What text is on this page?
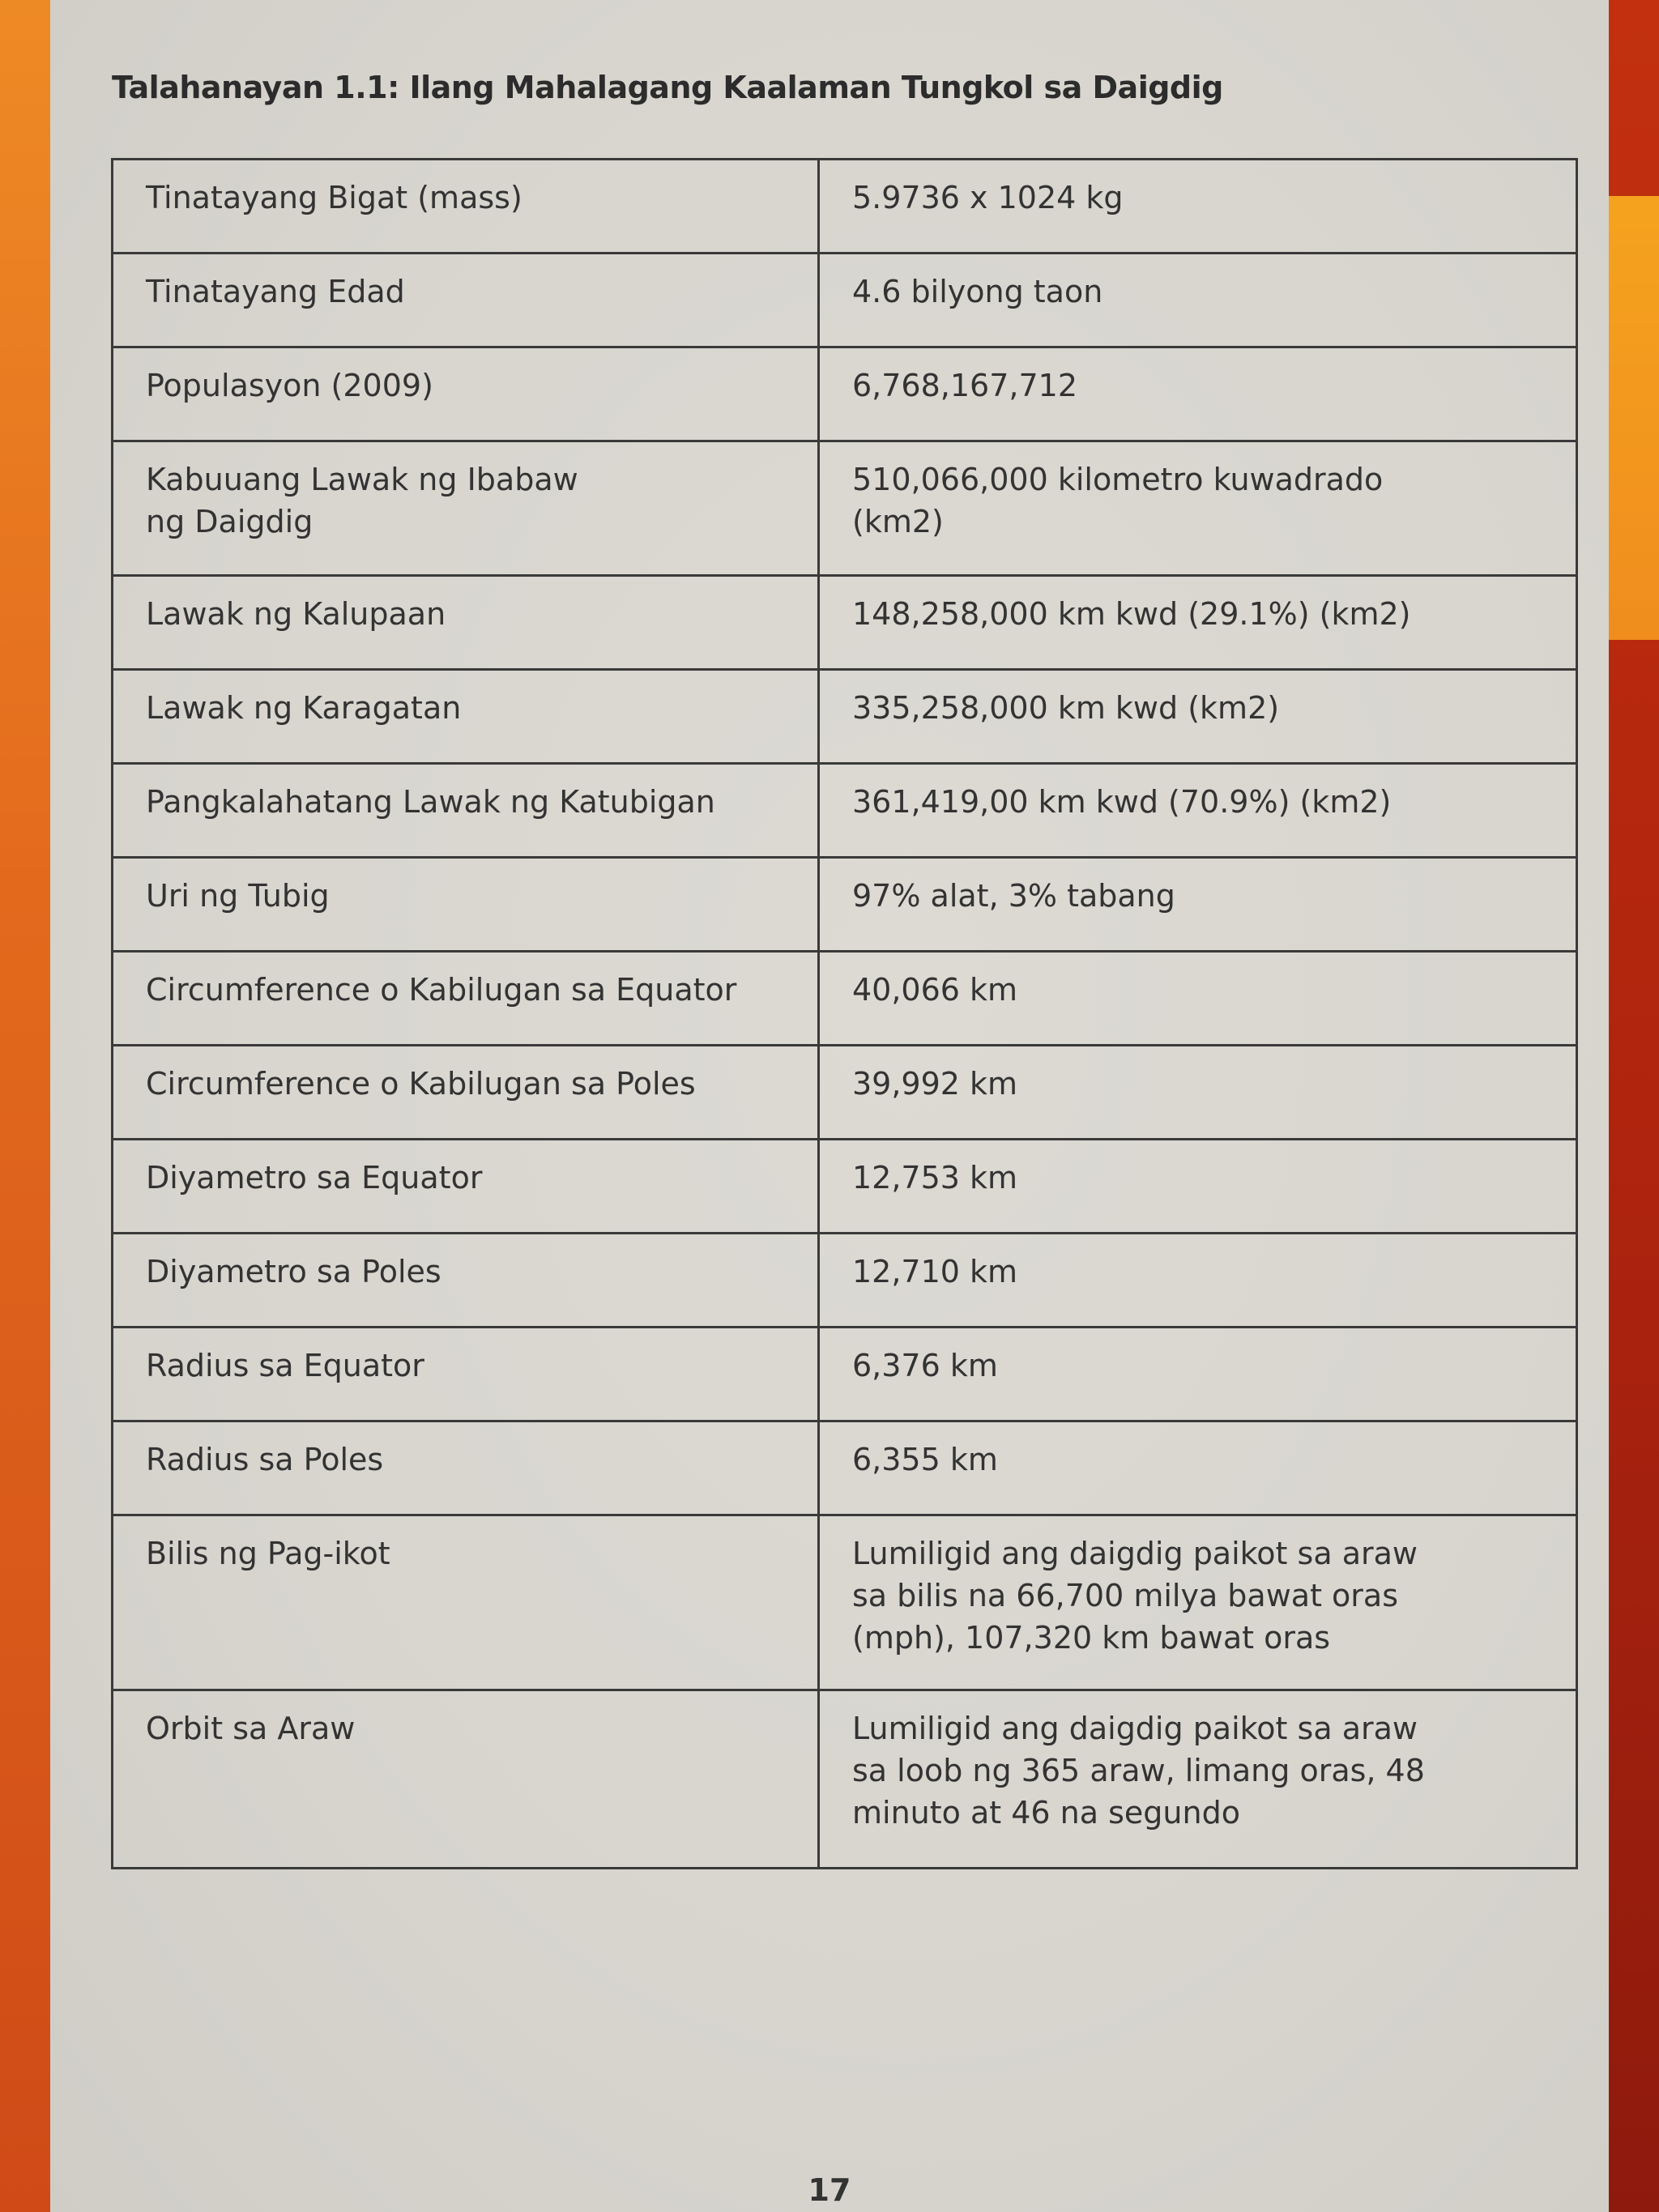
Talahanayan 1.1: Ilang Mahalagang Kaalaman Tungkol sa Daigdig
Tinatayang Bigat (mass)	5.9736 x 1024 kg

Tinatayang Edad	4.6 bilyong taon

Populasyon (2009)	6,768,167,712

Kabuuang Lawak ng Ibabaw
ng Daigdig	510,066,000 kilometro kuwadrado
(km2)

Lawak ng Kalupaan	148,258,000 km kwd (29.1%) (km2)

Lawak ng Karagatan	335,258,000 km kwd (km2)

Pangkalahatang Lawak ng Katubigan	361,419,00 km kwd (70.9%) (km2)

Uri ng Tubig	97% alat, 3% tabang

Circumference o Kabilugan sa Equator	40,066 km

Circumference o Kabilugan sa Poles	39,992 km

Diyametro sa Equator	12,753 km

Diyametro sa Poles	12,710 km

Radius sa Equator	6,376 km

Radius sa Poles	6,355 km

Bilis ng Pag-ikot	Lumiligid ang daigdig paikot sa araw
sa bilis na 66,700 milya bawat oras
(mph), 107,320 km bawat oras

Orbit sa Araw	Lumiligid ang daigdig paikot sa araw
sa loob ng 365 araw, limang oras, 48
minuto at 46 na segundo
17
